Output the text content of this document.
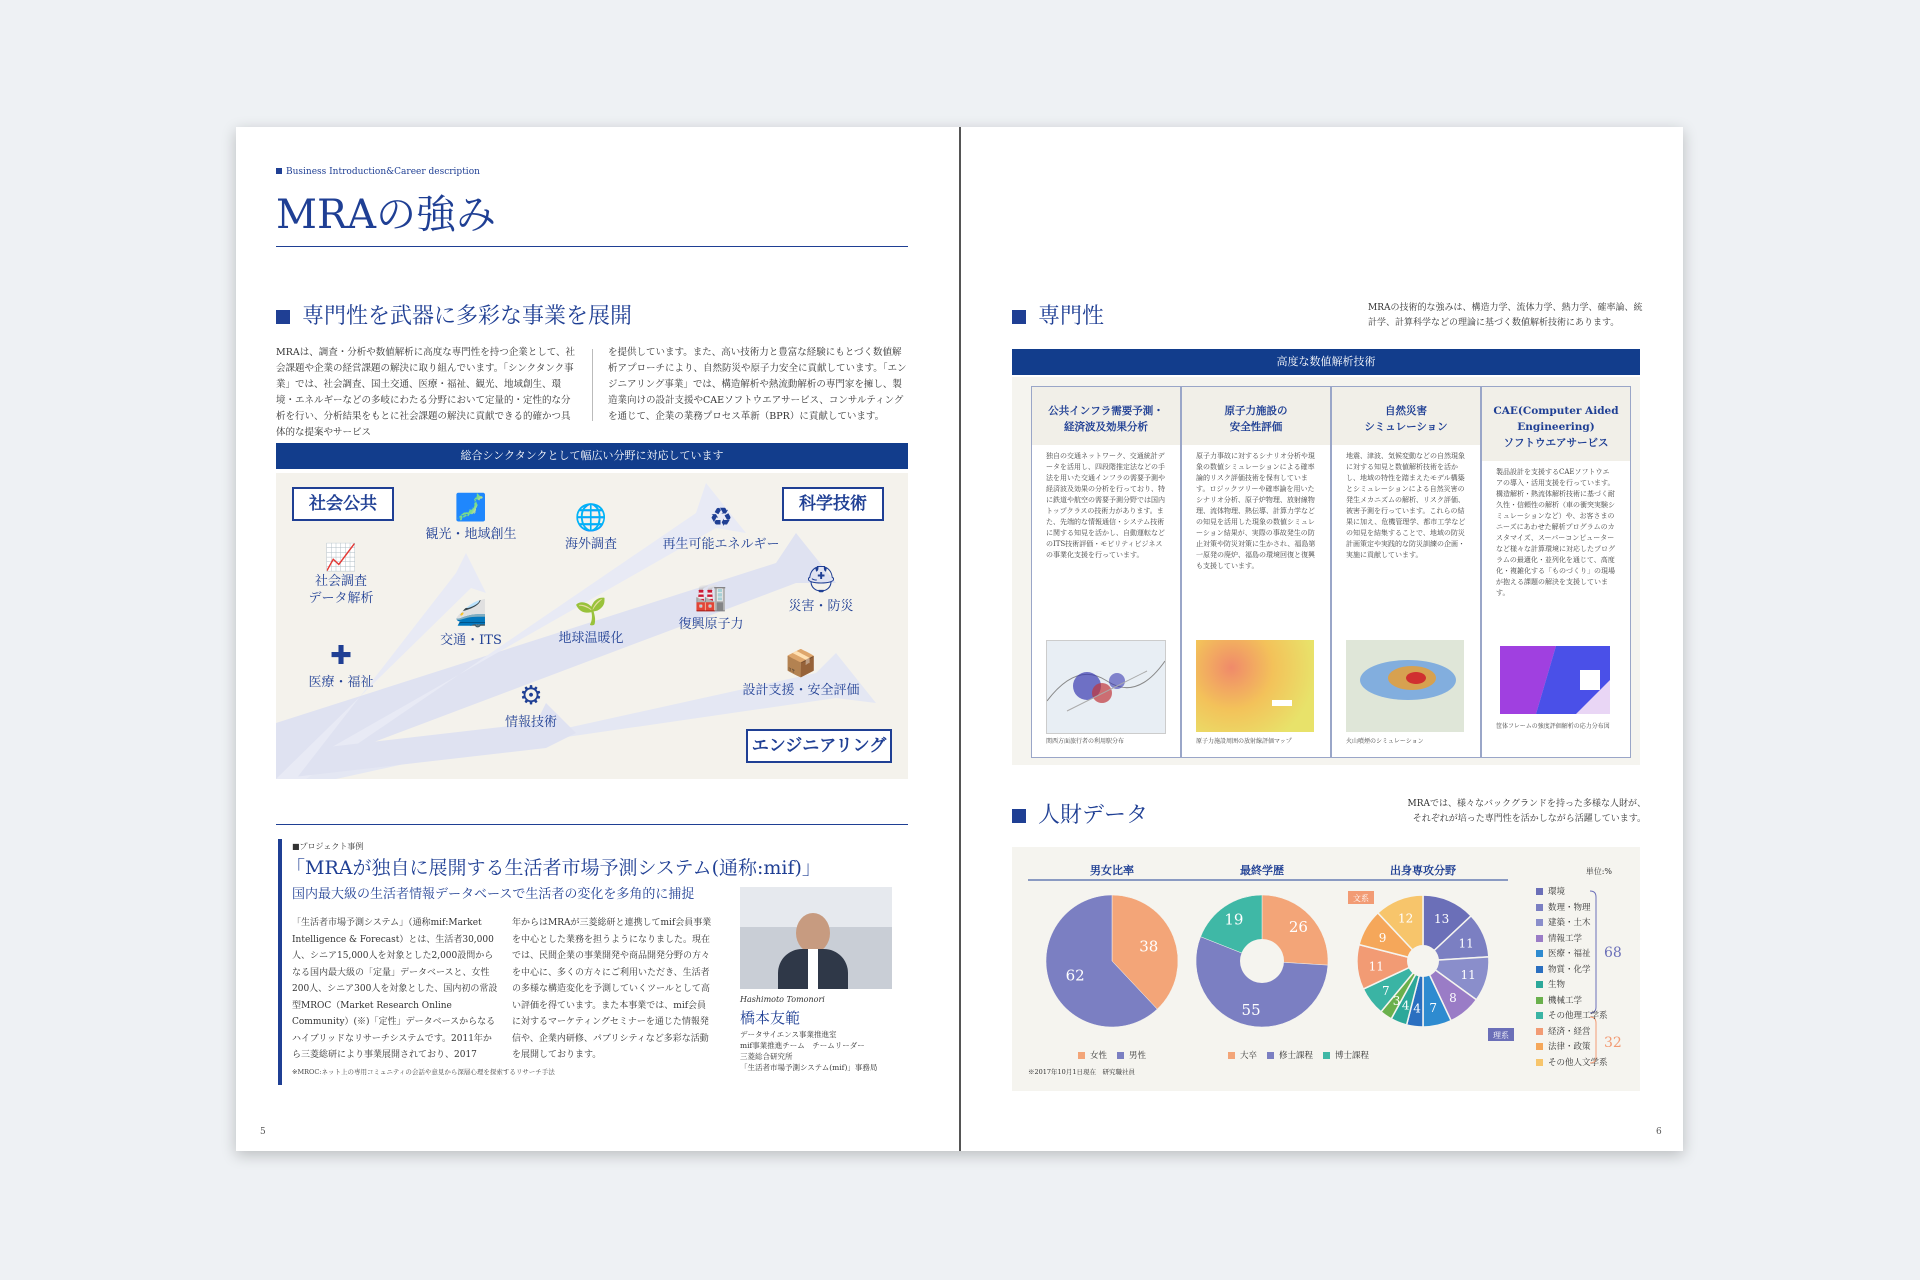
Business Introduction&Career description
MRAの強み
専門性を武器に多彩な事業を展開
MRAは、調査・分析や数値解析に高度な専門性を持つ企業として、社会課題や企業の経営課題の解決に取り組んでいます。「シンクタンク事業」では、社会調査、国土交通、医療・福祉、観光、地域創生、環境・エネルギーなどの多岐にわたる分野において定量的・定性的な分析を行い、分析結果をもとに社会課題の解決に貢献できる的確かつ具体的な提案やサービス
を提供しています。また、高い技術力と豊富な経験にもとづく数値解析アプローチにより、自然防災や原子力安全に貢献しています。「エンジニアリング事業」では、構造解析や熱流動解析の専門家を擁し、製造業向けの設計支援やCAEソフトウエアサービス、コンサルティングを通じて、企業の業務プロセス革新（BPR）に貢献しています。
総合シンクタンクとして幅広い分野に対応しています
社会公共	科学技術
エンジニアリング
📈
社会調査
データ解析
✚
医療・福祉
🗾
観光・地域創生
🚄
交通・ITS
🌐
海外調査
🌱
地球温暖化
⚙
情報技術
♻
再生可能エネルギー
🏭
復興原子力
⛑
災害・防災
📦
設計支援・安全評価
■プロジェクト事例
「MRAが独自に展開する生活者市場予測システム(通称:mif)」
国内最大級の生活者情報データベースで生活者の変化を多角的に捕捉
「生活者市場予測システム」（通称mif:Market Intelligence & Forecast）とは、生活者30,000人、シニア15,000人を対象とした2,000設問からなる国内最大級の「定量」データベースと、女性200人、シニア300人を対象とした、国内初の常設 型MROC（Market Research Online Community）(※)「定性」データベースからなるハイブリッドなリサーチシステムです。2011年から三菱総研により事業展開されており、2017
年からはMRAが三菱総研と連携してmif会員事業を中心とした業務を担うようになりました。現在では、民間企業の事業開発や商品開発分野の方々を中心に、多くの方々にご利用いただき、生活者の多様な構造変化を予測していくツールとして高い評価を得ています。また本事業では、mif会員に対するマーケティングセミナーを通じた情報発信や、企業内研修、パブリシティなど多彩な活動を展開しております。
※MROC:ネット上の専用コミュニティの会話や意見から深層心理を探索するリサーチ手法
Hashimoto Tomonori
橋本友範
データサイエンス事業推進室
mif事業推進チーム　チームリーダー
三菱総合研究所
「生活者市場予測システム(mif)」事務局
5
専門性	MRAの技術的な強みは、構造力学、流体力学、熱力学、確率論、統計学、計算科学などの理論に基づく数値解析技術にあります。
高度な数値解析技術
公共インフラ需要予測・
経済波及効果分析
独自の交通ネットワーク、交通統計データを活用し、四段階推定法などの手法を用いた交通インフラの需要予測や経済波及効果の分析を行っており、特に鉄道や航空の需要予測分野では国内トップクラスの技術力があります。また、先端的な情報通信・システム技術に関する知見を活かし、自動運転などのITS技術評価・モビリティビジネスの事業化支援を行っています。
関西方面旅行者の利用駅分布
原子力施設の
安全性評価
原子力事故に対するシナリオ分析や現象の数値シミュレーションによる確率論的リスク評価技術を保有しています。ロジックツリーや確率論を用いたシナリオ分析、原子炉物理、放射線物理、流体物理、熱伝導、計算力学などの知見を活用した現象の数値シミュレーション結果が、実際の事故発生の防止対策や防災対策に生かされ、福島第一原発の廃炉、福島の環境回復と復興も支援しています。
原子力施設周囲の放射線評価マップ
自然災害
シミュレーション
地震、津波、気候変動などの自然現象に対する知見と数値解析技術を活かし、地域の特性を踏まえたモデル構築とシミュレーションによる自然災害の発生メカニズムの解析、リスク評価、被害予測を行っています。これらの結果に加え、危機管理学、都市工学などの知見を結集することで、地域の防災計画策定や実践的な防災訓練の企画・実施に貢献しています。
火山噴煙のシミュレーション
CAE(Computer Aided Engineering)
ソフトウエアサービス
製品設計を支援するCAEソフトウエアの導入・活用支援を行っています。構造解析・熱流体解析技術に基づく耐久性・信頼性の解析（車の衝突実験シミュレーションなど）や、お客さまのニーズにあわせた解析プログラムのカスタマイズ、スーパーコンピューターなど様々な計算環境に対応したプログラムの最適化・並列化を通じて、高度化・複雑化する「ものづくり」の現場が抱える課題の解決を支援しています。
筐体フレームの強度評価解析の応力分布図
人財データ	MRAでは、様々なバックグランドを持った多様な人財が、それぞれが培った専門性を活かしながら活躍しています。
男女比率	最終学歴	出身専攻分野	単位:%
38
62
26
55
19	13
11
11
8
7
4
4
3
7
11
9
12
文系
理系
68
32
※2017年10月1日現在　研究職社員
環境
数理・物理
建築・土木
情報工学
医療・福祉
物質・化学
生物
機械工学
その他理工学系
経済・経営
法律・政策
その他人文学系
女性	男性	大卒	修士課程	博士課程
6
